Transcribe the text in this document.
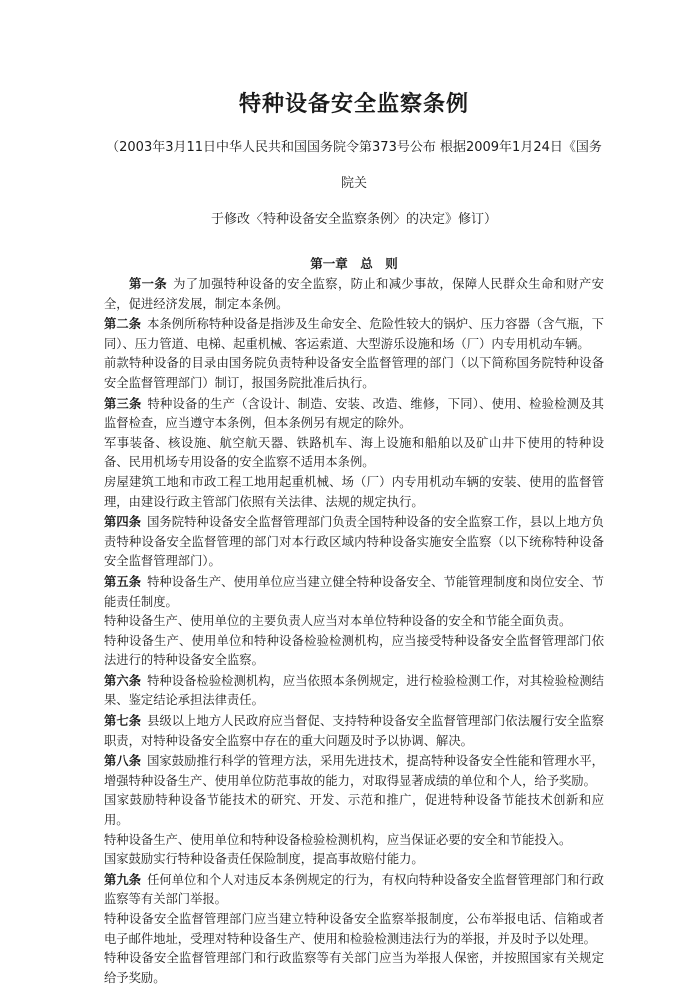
特种设备安全监察条例
（2003年3月11日中华人民共和国国务院令第373号公布 根据2009年1月24日《国务院关
于修改〈特种设备安全监察条例〉的决定》修订）
第一章　总　则

第一条 为了加强特种设备的安全监察，防止和减少事故，保障人民群众生命和财产安全，促进经济发展，制定本条例。

第二条 本条例所称特种设备是指涉及生命安全、危险性较大的锅炉、压力容器（含气瓶，下同）、压力管道、电梯、起重机械、客运索道、大型游乐设施和场（厂）内专用机动车辆。

前款特种设备的目录由国务院负责特种设备安全监督管理的部门（以下简称国务院特种设备安全监督管理部门）制订，报国务院批准后执行。

第三条 特种设备的生产（含设计、制造、安装、改造、维修，下同）、使用、检验检测及其监督检查，应当遵守本条例，但本条例另有规定的除外。

军事装备、核设施、航空航天器、铁路机车、海上设施和船舶以及矿山井下使用的特种设备、民用机场专用设备的安全监察不适用本条例。

房屋建筑工地和市政工程工地用起重机械、场（厂）内专用机动车辆的安装、使用的监督管理，由建设行政主管部门依照有关法律、法规的规定执行。

第四条 国务院特种设备安全监督管理部门负责全国特种设备的安全监察工作，县以上地方负责特种设备安全监督管理的部门对本行政区域内特种设备实施安全监察（以下统称特种设备安全监督管理部门）。

第五条 特种设备生产、使用单位应当建立健全特种设备安全、节能管理制度和岗位安全、节能责任制度。

特种设备生产、使用单位的主要负责人应当对本单位特种设备的安全和节能全面负责。

特种设备生产、使用单位和特种设备检验检测机构，应当接受特种设备安全监督管理部门依法进行的特种设备安全监察。

第六条 特种设备检验检测机构，应当依照本条例规定，进行检验检测工作，对其检验检测结果、鉴定结论承担法律责任。

第七条 县级以上地方人民政府应当督促、支持特种设备安全监督管理部门依法履行安全监察职责，对特种设备安全监察中存在的重大问题及时予以协调、解决。

第八条 国家鼓励推行科学的管理方法，采用先进技术，提高特种设备安全性能和管理水平，增强特种设备生产、使用单位防范事故的能力，对取得显著成绩的单位和个人，给予奖励。

国家鼓励特种设备节能技术的研究、开发、示范和推广，促进特种设备节能技术创新和应用。

特种设备生产、使用单位和特种设备检验检测机构，应当保证必要的安全和节能投入。

国家鼓励实行特种设备责任保险制度，提高事故赔付能力。

第九条 任何单位和个人对违反本条例规定的行为，有权向特种设备安全监督管理部门和行政监察等有关部门举报。

特种设备安全监督管理部门应当建立特种设备安全监察举报制度，公布举报电话、信箱或者电子邮件地址，受理对特种设备生产、使用和检验检测违法行为的举报，并及时予以处理。

特种设备安全监督管理部门和行政监察等有关部门应当为举报人保密，并按照国家有关规定给予奖励。
